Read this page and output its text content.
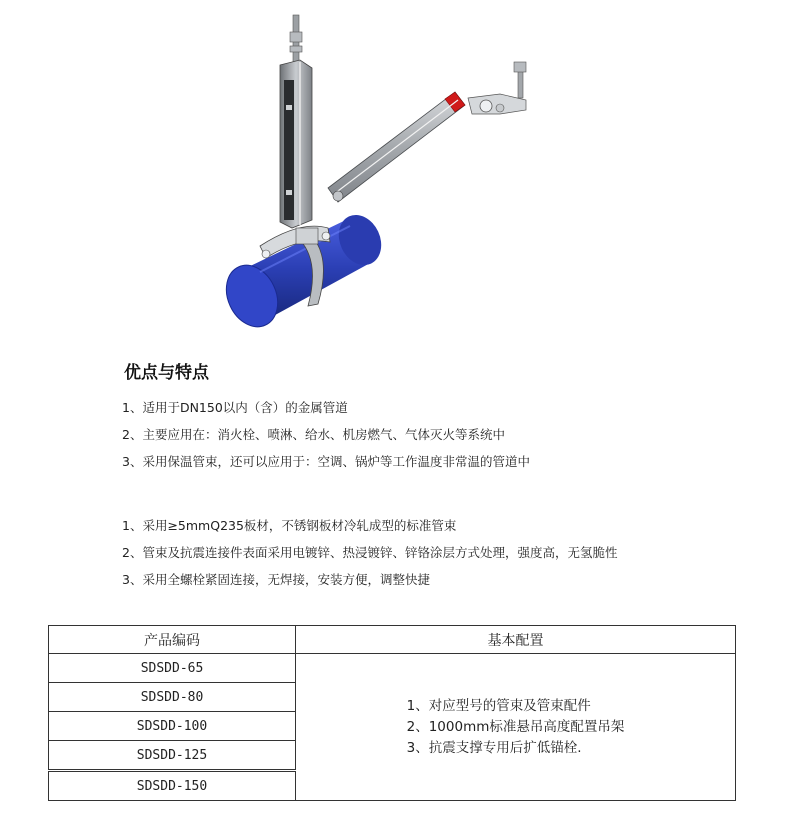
优点与特点
1、适用于DN150以内（含）的金属管道
2、主要应用在：消火栓、喷淋、给水、机房燃气、气体灭火等系统中
3、采用保温管束，还可以应用于：空调、锅炉等工作温度非常温的管道中
1、采用≥5mmQ235板材，不锈钢板材冷轧成型的标准管束
2、管束及抗震连接件表面采用电镀锌、热浸镀锌、锌铬涂层方式处理，强度高，无氢脆性
3、采用全螺栓紧固连接，无焊接，安装方便，调整快捷
产品编码	基本配置
SDSDD-65	1、对应型号的管束及管束配件
2、1000mm标准悬吊高度配置吊架
3、抗震支撑专用后扩低锚栓.

SDSDD-80	
SDSDD-100	
SDSDD-125	
SDSDD-150	
